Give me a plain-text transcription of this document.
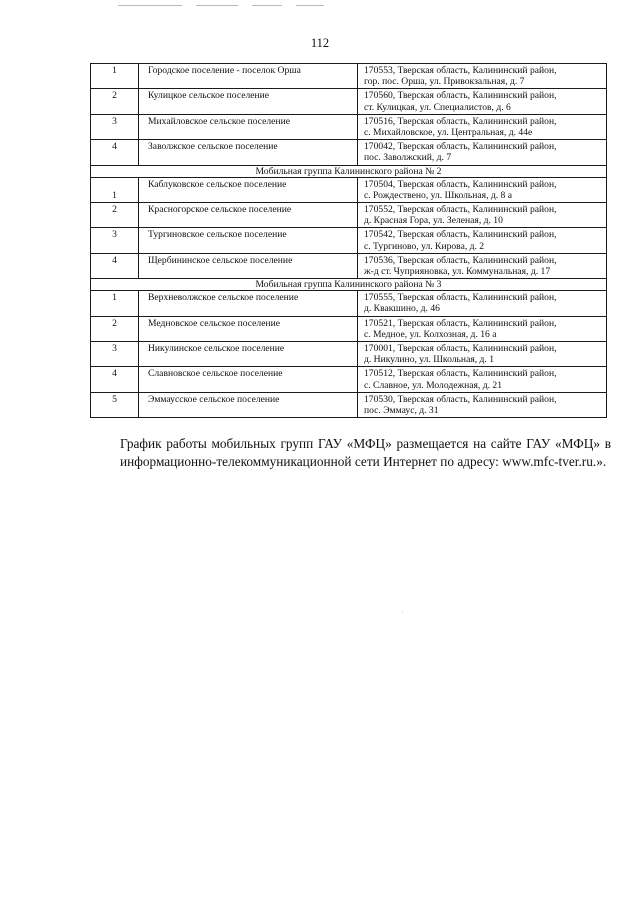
112
1	Городское поселение - поселок Орша	170553, Тверская область, Калининский район,
гор. пос. Орша, ул. Привокзальная, д. 7

2	Кулицкое сельское поселение	170560, Тверская область, Калининский район,
ст. Кулицкая, ул. Специалистов, д. 6

3	Михайловское сельское поселение	170516, Тверская область, Калининский район,
с. Михайловское, ул. Центральная, д. 44е

4	Заволжское сельское поселение	170042, Тверская область, Калининский район,
пос. Заволжский, д. 7

Мобильная группа Калининского района № 2		
1	Каблуковское сельское поселение	170504, Тверская область, Калининский район,
с. Рождествено, ул. Школьная, д. 8 а

2	Красногорское сельское поселение	170552, Тверская область, Калининский район,
д. Красная Гора, ул. Зеленая, д. 10

3	Тургиновское сельское поселение	170542, Тверская область, Калининский район,
с. Тургиново, ул. Кирова, д. 2

4	Щербининское сельское поселение	170536, Тверская область, Калининский район,
ж-д ст. Чуприяновка, ул. Коммунальная, д. 17

Мобильная группа Калининского района № 3		
1	Верхневолжское сельское поселение	170555, Тверская область, Калининский район,
д. Квакшино, д. 46

2	Медновское сельское поселение	170521, Тверская область, Калининский район,
с. Медное, ул. Колхозная, д. 16 а

3	Никулинское сельское поселение	170001, Тверская область, Калининский район,
д. Никулино, ул. Школьная, д. 1

4	Славновское сельское поселение	170512, Тверская область, Калининский район,
с. Славное, ул. Молодежная, д. 21

5	Эммаусское сельское поселение	170530, Тверская область, Калининский район,
пос. Эммаус, д. 31
График работы мобильных групп ГАУ «МФЦ» размещается на сайте ГАУ «МФЦ» в информационно-телекоммуникационной сети Интернет по адресу: www.mfc-tver.ru.».
